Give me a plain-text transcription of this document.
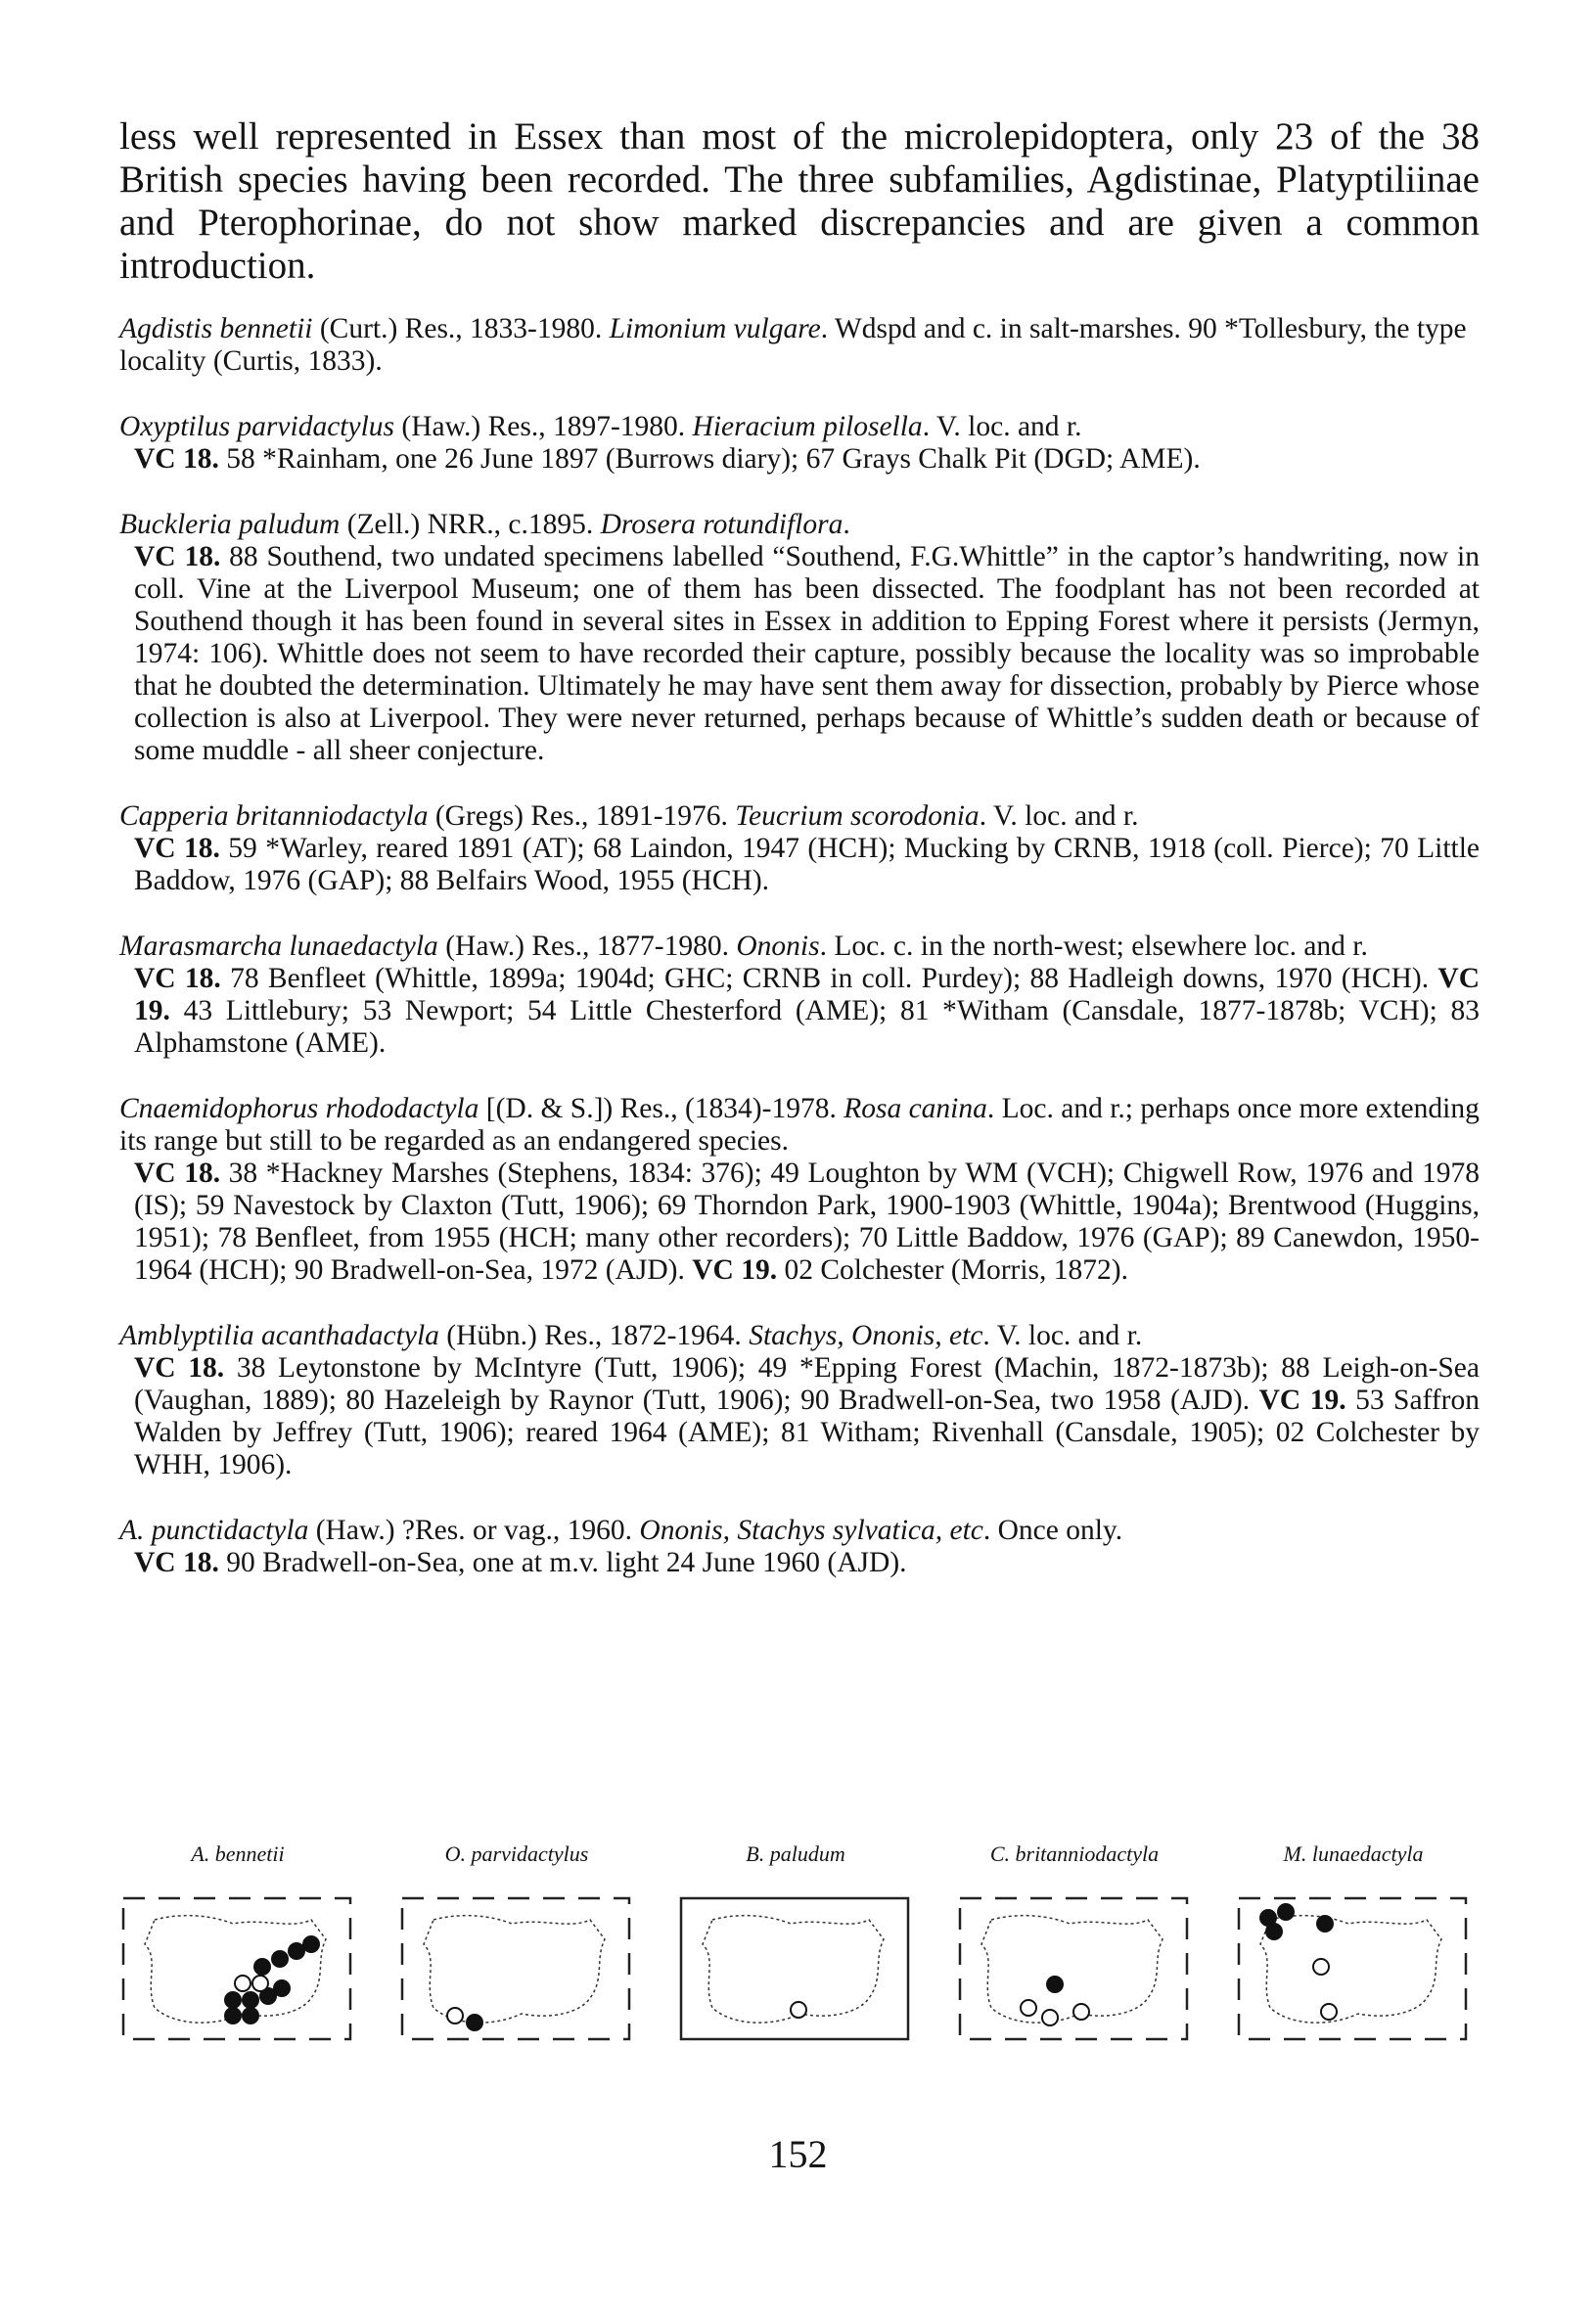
less well represented in Essex than most of the microlepidoptera, only 23 of the 38 British species having been recorded. The three subfamilies, Agdistinae, Platyptiliinae and Pterophorinae, do not show marked discrepancies and are given a common introduction.

Agdistis bennetii (Curt.) Res., 1833-1980. Limonium vulgare. Wdspd and c. in salt-marshes. 90 *Tollesbury, the type locality (Curtis, 1833).

Oxyptilus parvidactylus (Haw.) Res., 1897-1980. Hieracium pilosella. V. loc. and r.

VC 18. 58 *Rainham, one 26 June 1897 (Burrows diary); 67 Grays Chalk Pit (DGD; AME).

Buckleria paludum (Zell.) NRR., c.1895. Drosera rotundiflora.

VC 18. 88 Southend, two undated specimens labelled “Southend, F.G.Whittle” in the captor’s handwriting, now in coll. Vine at the Liverpool Museum; one of them has been dissected. The foodplant has not been recorded at Southend though it has been found in several sites in Essex in addition to Epping Forest where it persists (Jermyn, 1974: 106). Whittle does not seem to have recorded their capture, possibly because the locality was so improbable that he doubted the determination. Ultimately he may have sent them away for dissection, probably by Pierce whose collection is also at Liverpool. They were never returned, perhaps because of Whittle’s sudden death or because of some muddle - all sheer conjecture.

Capperia britanniodactyla (Gregs) Res., 1891-1976. Teucrium scorodonia. V. loc. and r.

VC 18. 59 *Warley, reared 1891 (AT); 68 Laindon, 1947 (HCH); Mucking by CRNB, 1918 (coll. Pierce); 70 Little Baddow, 1976 (GAP); 88 Belfairs Wood, 1955 (HCH).

Marasmarcha lunaedactyla (Haw.) Res., 1877-1980. Ononis. Loc. c. in the north-west; elsewhere loc. and r.

VC 18. 78 Benfleet (Whittle, 1899a; 1904d; GHC; CRNB in coll. Purdey); 88 Hadleigh downs, 1970 (HCH). VC 19. 43 Littlebury; 53 Newport; 54 Little Chesterford (AME); 81 *Witham (Cansdale, 1877-1878b; VCH); 83 Alphamstone (AME).

Cnaemidophorus rhododactyla [(D. & S.]) Res., (1834)-1978. Rosa canina. Loc. and r.; perhaps once more extending its range but still to be regarded as an endangered species.

VC 18. 38 *Hackney Marshes (Stephens, 1834: 376); 49 Loughton by WM (VCH); Chigwell Row, 1976 and 1978 (IS); 59 Navestock by Claxton (Tutt, 1906); 69 Thorndon Park, 1900-1903 (Whittle, 1904a); Brentwood (Huggins, 1951); 78 Benfleet, from 1955 (HCH; many other recorders); 70 Little Baddow, 1976 (GAP); 89 Canewdon, 1950-1964 (HCH); 90 Bradwell-on-Sea, 1972 (AJD). VC 19. 02 Colchester (Morris, 1872).

Amblyptilia acanthadactyla (Hübn.) Res., 1872-1964. Stachys, Ononis, etc. V. loc. and r.

VC 18. 38 Leytonstone by McIntyre (Tutt, 1906); 49 *Epping Forest (Machin, 1872-1873b); 88 Leigh-on-Sea (Vaughan, 1889); 80 Hazeleigh by Raynor (Tutt, 1906); 90 Bradwell-on-Sea, two 1958 (AJD). VC 19. 53 Saffron Walden by Jeffrey (Tutt, 1906); reared 1964 (AME); 81 Witham; Rivenhall (Cansdale, 1905); 02 Colchester by WHH, 1906).

A. punctidactyla (Haw.) ?Res. or vag., 1960. Ononis, Stachys sylvatica, etc. Once only.

VC 18. 90 Bradwell-on-Sea, one at m.v. light 24 June 1960 (AJD).

A. bennetii	O. parvidactylus	B. paludum	C. britanniodactyla	M. lunaedactyla
152
